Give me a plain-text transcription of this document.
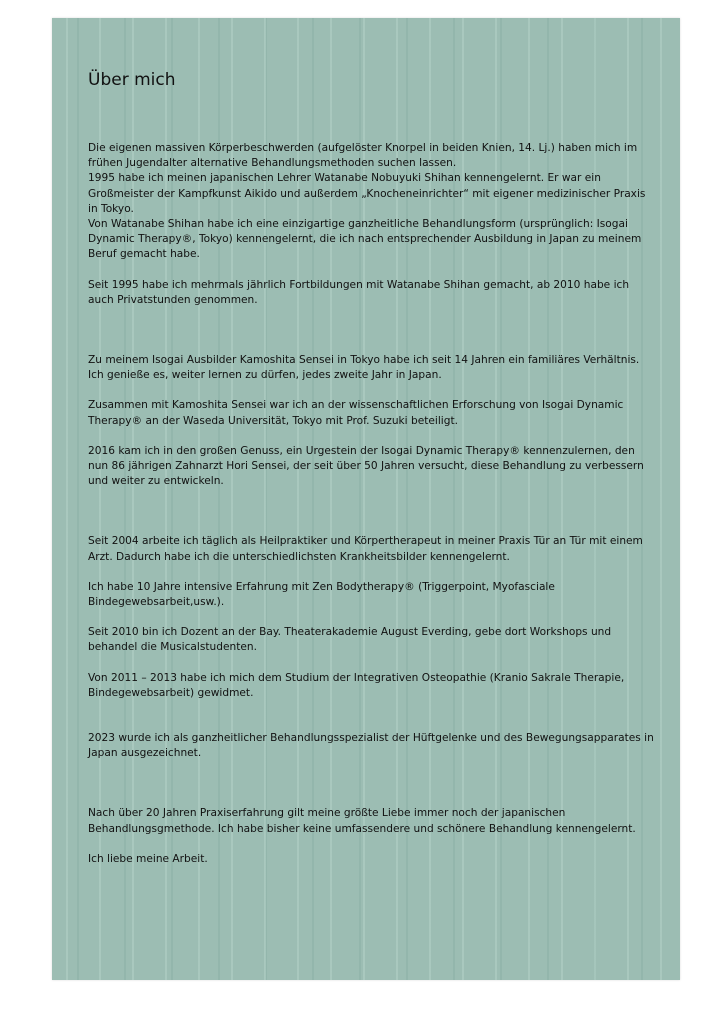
Über mich

Die eigenen massiven Körperbeschwerden (aufgelöster Knorpel in beiden Knien, 14. Lj.) haben mich im frühen Jugendalter alternative Behandlungsmethoden suchen lassen.

1995 habe ich meinen japanischen Lehrer Watanabe Nobuyuki Shihan kennengelernt. Er war ein Großmeister der Kampfkunst Aikido und außerdem „Knocheneinrichter“ mit eigener medizinischer Praxis in Tokyo.

Von Watanabe Shihan habe ich eine einzigartige ganzheitliche Behandlungsform (ursprünglich: Isogai Dynamic Therapy®, Tokyo) kennengelernt, die ich nach entsprechender Ausbildung in Japan zu meinem Beruf gemacht habe.

Seit 1995 habe ich mehrmals jährlich Fortbildungen mit Watanabe Shihan gemacht, ab 2010 habe ich auch Privatstunden genommen.

Zu meinem Isogai Ausbilder Kamoshita Sensei in Tokyo habe ich seit 14 Jahren ein familiäres Verhältnis. Ich genieße es, weiter lernen zu dürfen, jedes zweite Jahr in Japan.

Zusammen mit Kamoshita Sensei war ich an der wissenschaftlichen Erforschung von Isogai Dynamic Therapy® an der Waseda Universität, Tokyo mit Prof. Suzuki beteiligt.

2016 kam ich in den großen Genuss, ein Urgestein der Isogai Dynamic Therapy® kennenzulernen, den nun 86 jährigen Zahnarzt Hori Sensei, der seit über 50 Jahren versucht, diese Behandlung zu verbessern und weiter zu entwickeln.

Seit 2004 arbeite ich täglich als Heilpraktiker und Körpertherapeut in meiner Praxis Tür an Tür mit einem Arzt. Dadurch habe ich die unterschiedlichsten Krankheitsbilder kennengelernt.

Ich habe 10 Jahre intensive Erfahrung mit Zen Bodytherapy® (Triggerpoint, Myofasciale Bindegewebsarbeit,usw.).

Seit 2010 bin ich Dozent an der Bay. Theaterakademie August Everding, gebe dort Workshops und behandel die Musicalstudenten.

Von 2011 – 2013 habe ich mich dem Studium der Integrativen Osteopathie (Kranio Sakrale Therapie, Bindegewebsarbeit) gewidmet.

2023 wurde ich als ganzheitlicher Behandlungsspezialist der Hüftgelenke und des Bewegungsapparates in Japan ausgezeichnet.

Nach über 20 Jahren Praxiserfahrung gilt meine größte Liebe immer noch der japanischen Behandlungsgmethode. Ich habe bisher keine umfassendere und schönere Behandlung kennengelernt.

Ich liebe meine Arbeit.
